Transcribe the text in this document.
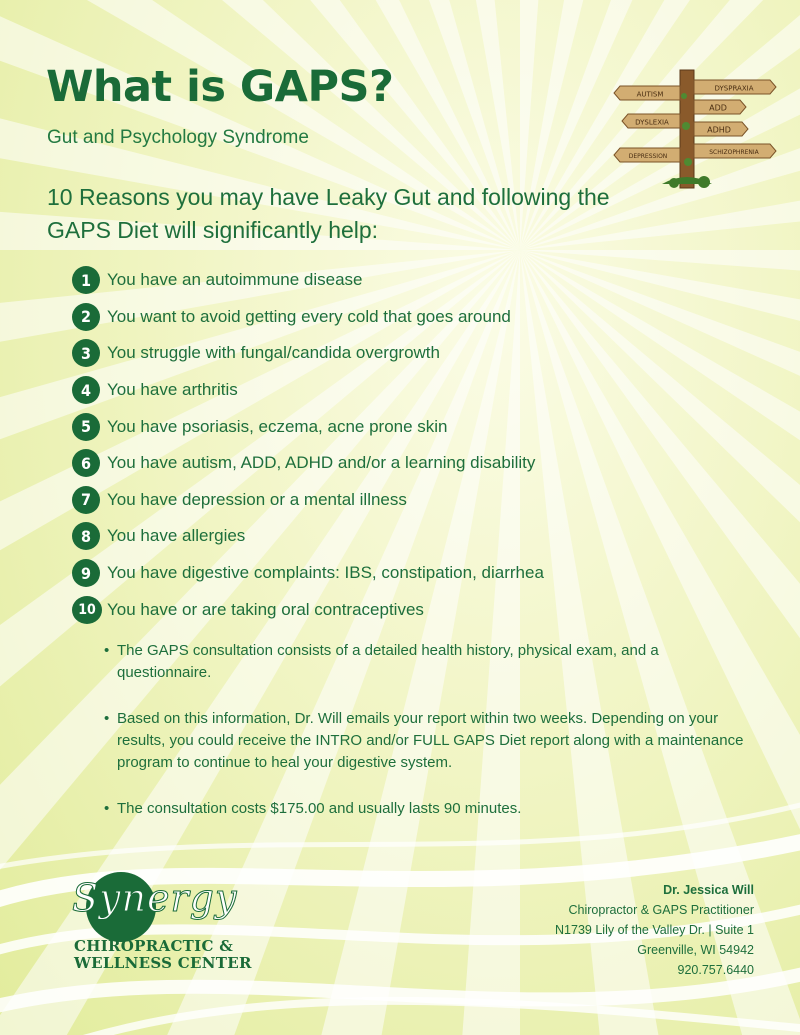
What is GAPS?
Gut and Psychology Syndrome
10 Reasons you may have Leaky Gut and following the GAPS Diet will significantly help:
AUTISM
DYSPRAXIA
ADD
DYSLEXIA
ADHD
DEPRESSION
SCHIZOPHRENIA
1 You have an autoimmune disease
2 You want to avoid getting every cold that goes around
3 You struggle with fungal/candida overgrowth
4 You have arthritis
5 You have psoriasis, eczema, acne prone skin
6 You have autism, ADD, ADHD and/or a learning disability
7 You have depression or a mental illness
8 You have allergies
9 You have digestive complaints: IBS, constipation, diarrhea
10 You have or are taking oral contraceptives
• The GAPS consultation consists of a detailed health history, physical exam, and a questionnaire.
• Based on this information, Dr. Will emails your report within two weeks. Depending on your results, you could receive the INTRO and/or FULL GAPS Diet report along with a maintenance program to continue to heal your digestive system.
• The consultation costs $175.00 and usually lasts 90 minutes.
Synergy
CHIROPRACTIC &
WELLNESS CENTER
Dr. Jessica Will
Chiropractor & GAPS Practitioner
N1739 Lily of the Valley Dr. | Suite 1
Greenville, WI 54942
920.757.6440
